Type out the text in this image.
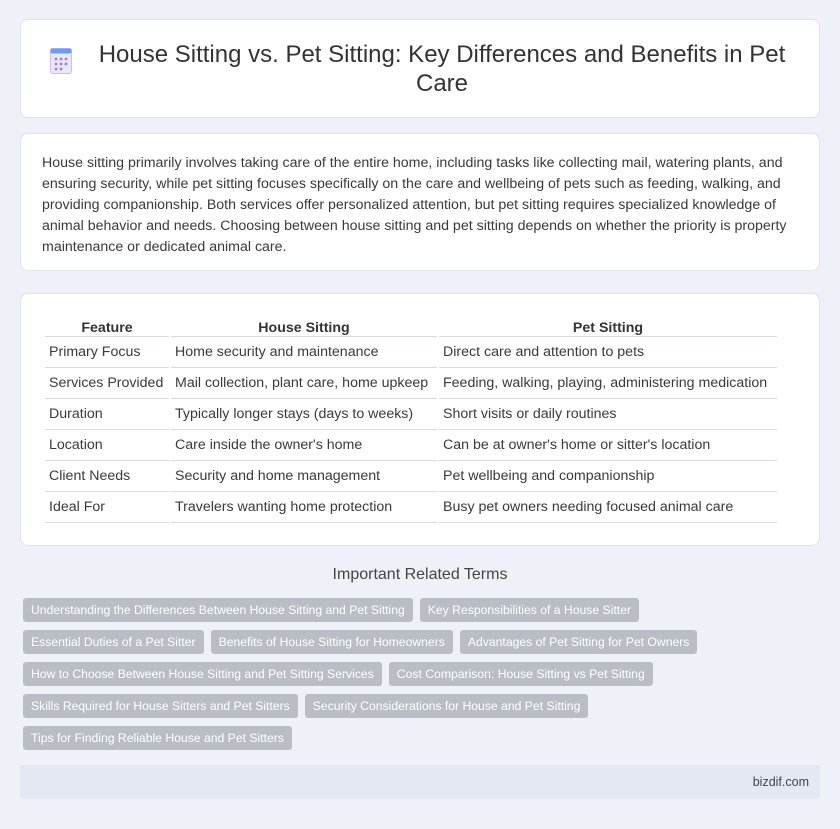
House Sitting vs. Pet Sitting: Key Differences and Benefits in Pet Care

House sitting primarily involves taking care of the entire home, including tasks like collecting mail, watering plants, and ensuring security, while pet sitting focuses specifically on the care and wellbeing of pets such as feeding, walking, and providing companionship. Both services offer personalized attention, but pet sitting requires specialized knowledge of animal behavior and needs. Choosing between house sitting and pet sitting depends on whether the priority is property maintenance or dedicated animal care.

Feature	House Sitting	Pet Sitting
Primary Focus	Home security and maintenance	Direct care and attention to pets
Services Provided	Mail collection, plant care, home upkeep	Feeding, walking, playing, administering medication
Duration	Typically longer stays (days to weeks)	Short visits or daily routines
Location	Care inside the owner's home	Can be at owner's home or sitter's location
Client Needs	Security and home management	Pet wellbeing and companionship
Ideal For	Travelers wanting home protection	Busy pet owners needing focused animal care
Important Related Terms
Understanding the Differences Between House Sitting and Pet Sitting	Key Responsibilities of a House Sitter
Essential Duties of a Pet Sitter	Benefits of House Sitting for Homeowners	Advantages of Pet Sitting for Pet Owners
How to Choose Between House Sitting and Pet Sitting Services	Cost Comparison: House Sitting vs Pet Sitting
Skills Required for House Sitters and Pet Sitters	Security Considerations for House and Pet Sitting
Tips for Finding Reliable House and Pet Sitters
bizdif.com
